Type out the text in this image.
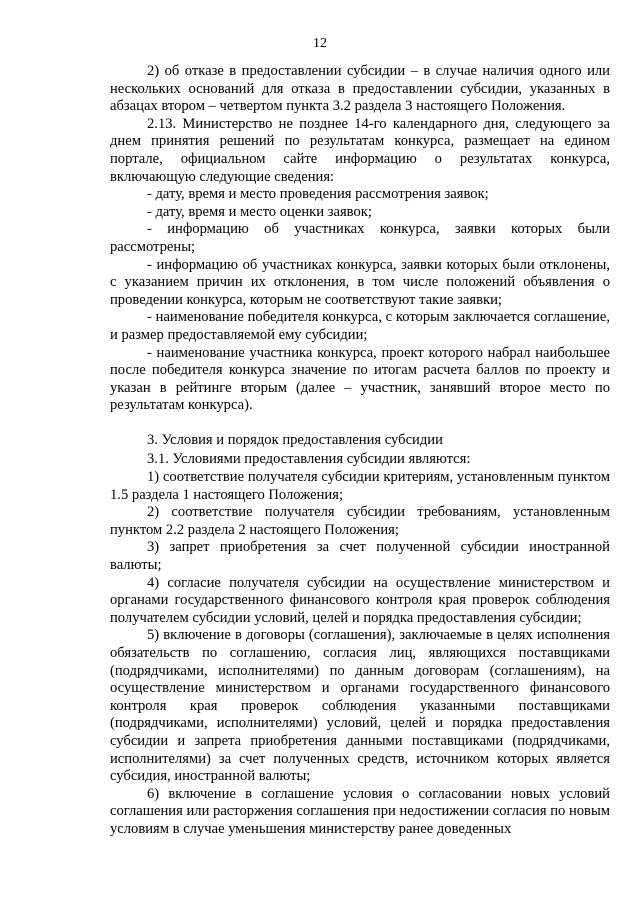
12

2) об отказе в предоставлении субсидии – в случае наличия одного или нескольких оснований для отказа в предоставлении субсидии, указанных в абзацах втором – четвертом пункта 3.2 раздела 3 настоящего Положения.

2.13. Министерство не позднее 14-го календарного дня, следующего за днем принятия решений по результатам конкурса, размещает на едином портале, официальном сайте информацию о результатах конкурса, включающую следующие сведения:

- дату, время и место проведения рассмотрения заявок;

- дату, время и место оценки заявок;

- информацию об участниках конкурса, заявки которых были рассмотрены;

- информацию об участниках конкурса, заявки которых были отклонены, с указанием причин их отклонения, в том числе положений объявления о проведении конкурса, которым не соответствуют такие заявки;

- наименование победителя конкурса, с которым заключается соглашение, и размер предоставляемой ему субсидии;

- наименование участника конкурса, проект которого набрал наибольшее после победителя конкурса значение по итогам расчета баллов по проекту и указан в рейтинге вторым (далее – участник, занявший второе место по результатам конкурса).

3. Условия и порядок предоставления субсидии

3.1. Условиями предоставления субсидии являются:

1) соответствие получателя субсидии критериям, установленным пунктом 1.5 раздела 1 настоящего Положения;

2) соответствие получателя субсидии требованиям, установленным пунктом 2.2 раздела 2 настоящего Положения;

3) запрет приобретения за счет полученной субсидии иностранной валюты;

4) согласие получателя субсидии на осуществление министерством и органами государственного финансового контроля края проверок соблюдения получателем субсидии условий, целей и порядка предоставления субсидии;

5) включение в договоры (соглашения), заключаемые в целях исполнения обязательств по соглашению, согласия лиц, являющихся поставщиками (подрядчиками, исполнителями) по данным договорам (соглашениям), на осуществление министерством и органами государственного финансового контроля края проверок соблюдения указанными поставщиками (подрядчиками, исполнителями) условий, целей и порядка предоставления субсидии и запрета приобретения данными поставщиками (подрядчиками, исполнителями) за счет полученных средств, источником которых является субсидия, иностранной валюты;

6) включение в соглашение условия о согласовании новых условий соглашения или расторжения соглашения при недостижении согласия по новым условиям в случае уменьшения министерству ранее доведенных
